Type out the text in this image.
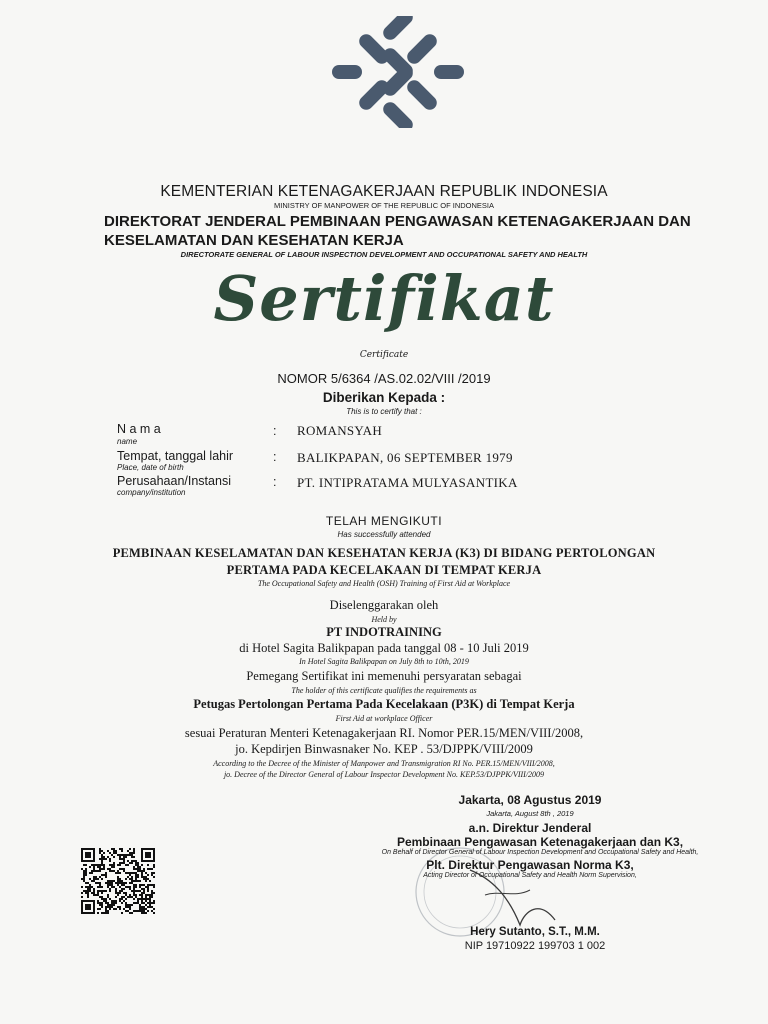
KEMENTERIAN KETENAGAKERJAAN REPUBLIK INDONESIA
MINISTRY OF MANPOWER OF THE REPUBLIC OF INDONESIA
DIREKTORAT JENDERAL PEMBINAAN PENGAWASAN KETENAGAKERJAAN DAN
KESELAMATAN DAN KESEHATAN KERJA
DIRECTORATE GENERAL OF LABOUR INSPECTION DEVELOPMENT AND OCCUPATIONAL SAFETY AND HEALTH
Sertifikat
Certificate
NOMOR 5/6364 /AS.02.02/VIII /2019
Diberikan Kepada :
This is to certify that :
N a m a
name
: ROMANSYAH
Tempat, tanggal lahir
Place, date of birth
: BALIKPAPAN, 06 SEPTEMBER 1979
Perusahaan/Instansi
company/institution
: PT. INTIPRATAMA MULYASANTIKA
TELAH MENGIKUTI
Has successfully attended
PEMBINAAN KESELAMATAN DAN KESEHATAN KERJA (K3) DI BIDANG PERTOLONGAN
PERTAMA PADA KECELAKAAN DI TEMPAT KERJA
The Occupational Safety and Health (OSH) Training of First Aid at Workplace
Diselenggarakan oleh
Held by
PT INDOTRAINING
di Hotel Sagita Balikpapan pada tanggal 08 - 10 Juli 2019
In Hotel Sagita Balikpapan on July 8th to 10th, 2019
Pemegang Sertifikat ini memenuhi persyaratan sebagai
The holder of this certificate qualifies the requirements as
Petugas Pertolongan Pertama Pada Kecelakaan (P3K) di Tempat Kerja
First Aid at workplace Officer
sesuai Peraturan Menteri Ketenagakerjaan RI. Nomor PER.15/MEN/VIII/2008,
jo. Kepdirjen Binwasnaker No. KEP . 53/DJPPK/VIII/2009
According to the Decree of the Minister of Manpower and Transmigration RI No. PER.15/MEN/VIII/2008,
jo. Decree of the Director General of Labour Inspector Development No. KEP.53/DJPPK/VIII/2009
Jakarta, 08 Agustus 2019
Jakarta, August 8th , 2019
a.n. Direktur Jenderal
Pembinaan Pengawasan Ketenagakerjaan dan K3,
On Behalf of Director General of Labour Inspection Development and Occupational Safety and Health,
Plt. Direktur Pengawasan Norma K3,
Acting Director of Occupational Safety and Health Norm Supervision,
Hery Sutanto, S.T., M.M.
NIP 19710922 199703 1 002
